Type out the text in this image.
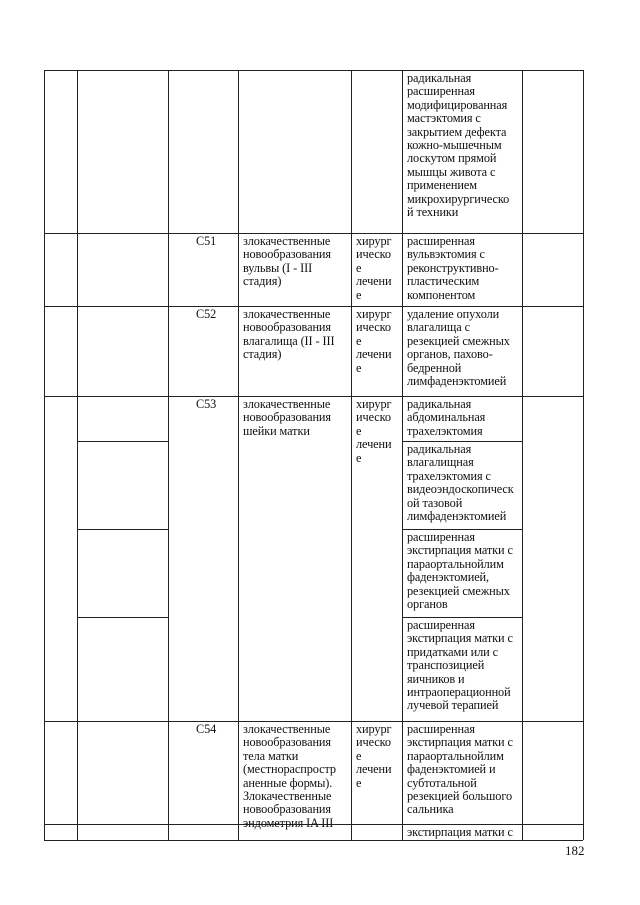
радикальная
расширенная
модифицированная
мастэктомия с
закрытием дефекта
кожно-мышечным
лоскутом прямой
мышцы живота с
применением
микрохирургическо
й техники
C51 злокачественные
новообразования
вульвы (I - III
стадия)
хирург
ическо
е
лечени
е
расширенная
вульвэктомия с
реконструктивно-
пластическим
компонентом
C52 злокачественные
новообразования
влагалища (II - III
стадия)
хирург
ическо
е
лечени
е
удаление опухоли
влагалища с
резекцией смежных
органов, пахово-
бедренной
лимфаденэктомией
C53 злокачественные
новообразования
шейки матки
хирург
ическо
е
лечени
е
радикальная
абдоминальная
трахелэктомия
радикальная
влагалищная
трахелэктомия с
видеоэндоскопическ
ой тазовой
лимфаденэктомией
расширенная
экстирпация матки с
параортальнойлим
фаденэктомией,
резекцией смежных
органов
расширенная
экстирпация матки с
придатками или с
транспозицией
яичников и
интраоперационной
лучевой терапией
C54 злокачественные
новообразования
тела матки
(местнораспростр
аненные формы).
Злокачественные
новообразования
эндометрия IA III
хирург
ическо
е
лечени
е
расширенная
экстирпация матки с
параортальнойлим
фаденэктомией и
субтотальной
резекцией большого
сальника
экстирпация матки с
182
